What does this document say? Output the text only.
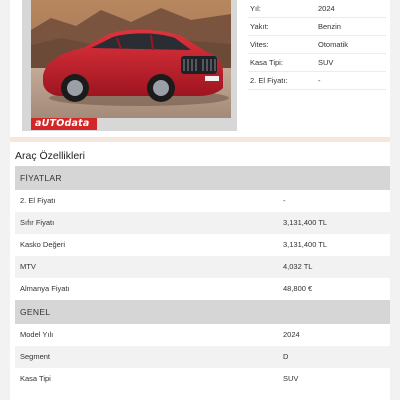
aUTOdata
Yıl:	2024
Yakıt:	Benzin
Vites:	Otomatik
Kasa Tipi:	SUV
2. El Fiyatı:	-
Araç Özellikleri
FİYATLAR
2. El Fiyatı	-
Sıfır Fiyatı	3,131,400 TL
Kasko Değeri	3,131,400 TL
MTV	4,032 TL
Almanya Fiyatı	48,800 €
GENEL
Model Yılı	2024
Segment	D
Kasa Tipi	SUV
